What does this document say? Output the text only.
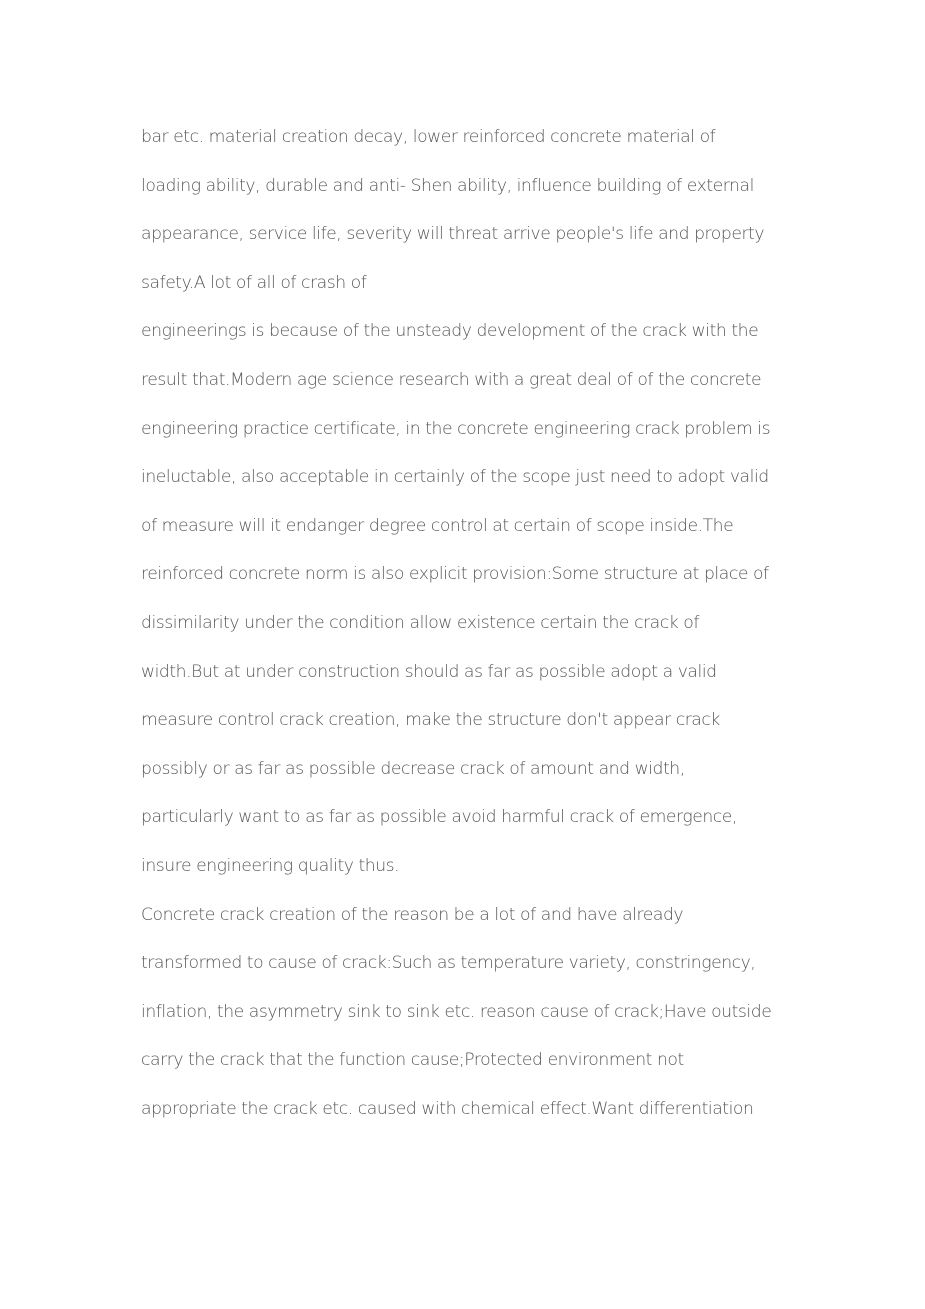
bar etc. material creation decay, lower reinforced concrete material of
loading ability, durable and anti- Shen ability, influence building of external
appearance, service life, severity will threat arrive people's life and property
safety.A lot of all of crash of
engineerings is because of the unsteady development of the crack with the
result that.Modern age science research with a great deal of of the concrete
engineering practice certificate, in the concrete engineering crack problem is
ineluctable, also acceptable in certainly of the scope just need to adopt valid
of measure will it endanger degree control at certain of scope inside.The
reinforced concrete norm is also explicit provision:Some structure at place of
dissimilarity under the condition allow existence certain the crack of
width.But at under construction should as far as possible adopt a valid
measure control crack creation, make the structure don't appear crack
possibly or as far as possible decrease crack of amount and width,
particularly want to as far as possible avoid harmful crack of emergence,
insure engineering quality thus.
Concrete crack creation of the reason be a lot of and have already
transformed to cause of crack:Such as temperature variety, constringency,
inflation, the asymmetry sink to sink etc. reason cause of crack;Have outside
carry the crack that the function cause;Protected environment not
appropriate the crack etc. caused with chemical effect.Want differentiation
